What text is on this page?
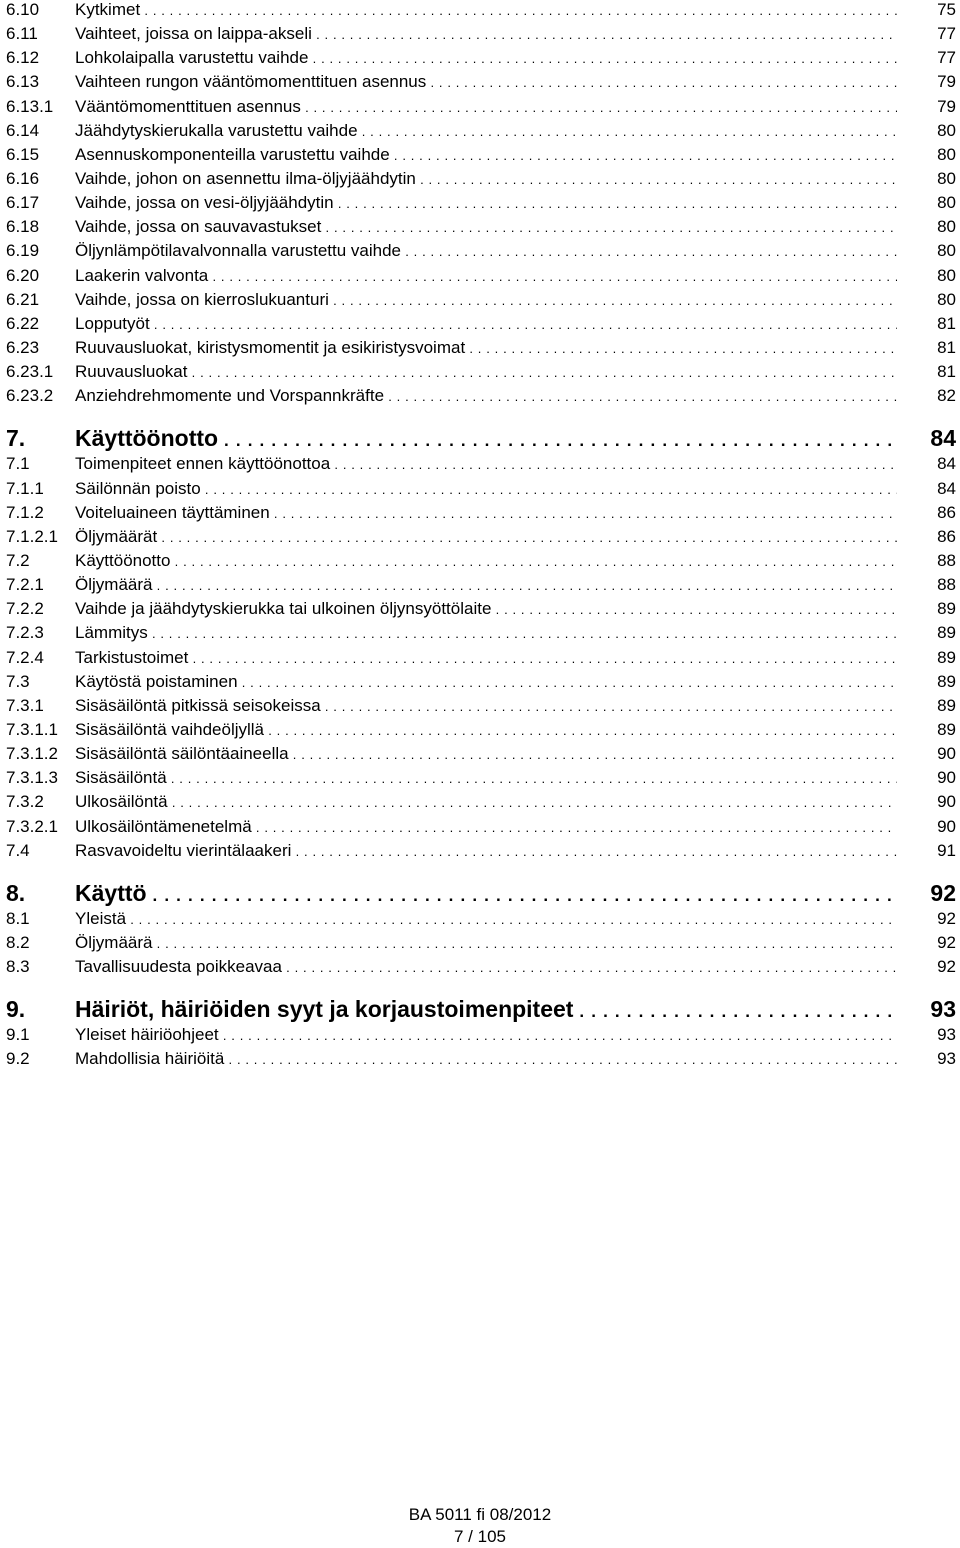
6.10 Kytkimet . . .	75
6.11 Vaihteet, joissa on laippa-akseli . . .	77
6.12 Lohkolaipalla varustettu vaihde . . .	77
6.13 Vaihteen rungon vääntömomenttituen asennus . . .	79
6.13.1 Vääntömomenttituen asennus . . .	79
6.14 Jäähdytyskierukalla varustettu vaihde . . .	80
6.15 Asennuskomponenteilla varustettu vaihde . . .	80
6.16 Vaihde, johon on asennettu ilma-öljyjäähdytin . . .	80
6.17 Vaihde, jossa on vesi-öljyjäähdytin . . .	80
6.18 Vaihde, jossa on sauvavastukset . . .	80
6.19 Öljynlämpötilavalvonnalla varustettu vaihde . . .	80
6.20 Laakerin valvonta . . .	80
6.21 Vaihde, jossa on kierroslukuanturi . . .	80
6.22 Lopputyöt . . .	81
6.23 Ruuvausluokat, kiristysmomentit ja esikiristysvoimat . . .	81
6.23.1 Ruuvausluokat . . .	81
6.23.2 Anziehdrehmomente und Vorspannkräfte . . .	82
7. Käyttöönotto . . .	84
7.1	Toimenpiteet ennen käyttöönottoa . . .	84
7.1.1 Säilönnän poisto . . .	84
7.1.2 Voiteluaineen täyttäminen . . .	86
7.1.2.1 Öljymäärät . . .	86
7.2	Käyttöönotto . . .	88
7.2.1 Öljymäärä . . .	88
7.2.2 Vaihde ja jäähdytyskierukka tai ulkoinen öljynsyöttölaite . . .	89
7.2.3 Lämmitys . . .	89
7.2.4 Tarkistustoimet . . .	89
7.3	Käytöstä poistaminen . . .	89
7.3.1 Sisäsäilöntä pitkissä seisokeissa . . .	89
7.3.1.1 Sisäsäilöntä vaihdeöljyllä . . .	89
7.3.1.2 Sisäsäilöntä säilöntäaineella . . .	90
7.3.1.3 Sisäsäilöntä . . .	90
7.3.2 Ulkosäilöntä . . .	90
7.3.2.1 Ulkosäilöntämenetelmä . . .	90
7.4	Rasvavoideltu vierintälaakeri . . .	91
8. Käyttö . . .	92
8.1	Yleistä . . .	92
8.2	Öljymäärä . . .	92
8.3	Tavallisuudesta poikkeavaa . . .	92
9. Häiriöt, häiriöiden syyt ja korjaustoimenpiteet . . .	93
9.1	Yleiset häiriöohjeet . . .	93
9.2	Mahdollisia häiriöitä . . .	93
BA 5011 fi 08/2012
7 / 105
